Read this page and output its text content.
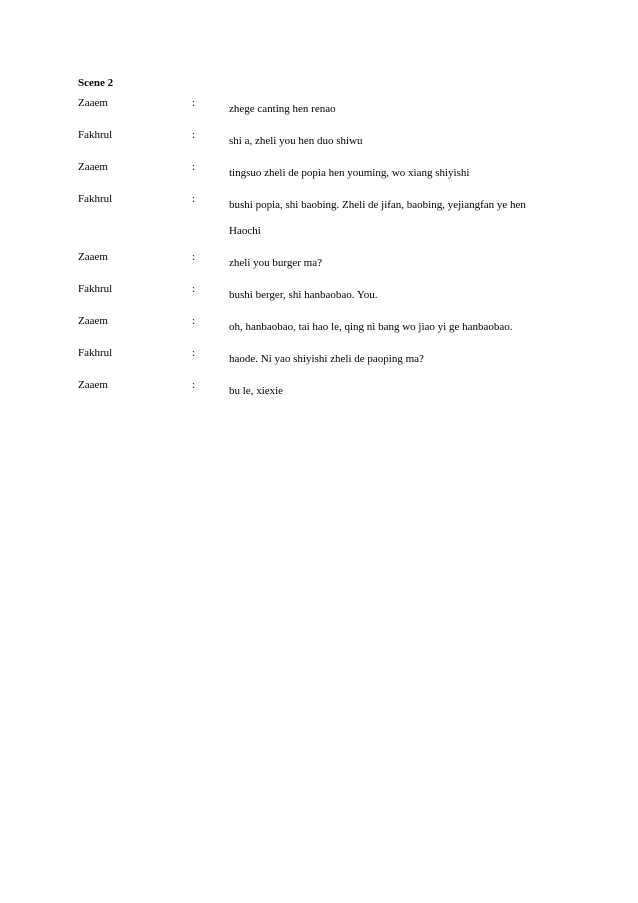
Scene 2
Zaaem	:	zhege canting hen renao
Fakhrul	:	shi a, zheli you hen duo shiwu
Zaaem	:	tingsuo zheli de popia hen youming, wo xiang shiyishi
Fakhrul	:	bushi popia, shi baobing. Zheli de jifan, baobing, yejiangfan ye hen
Haochi
Zaaem	:	zheli you burger ma?
Fakhrul	:	bushi berger, shi hanbaobao. You.
Zaaem	:	oh, hanbaobao, tai hao le, qing ni bang wo jiao yi ge hanbaobao.
Fakhrul	:	haode. Ni yao shiyishi zheli de paoping ma?
Zaaem	:	bu le, xiexie
